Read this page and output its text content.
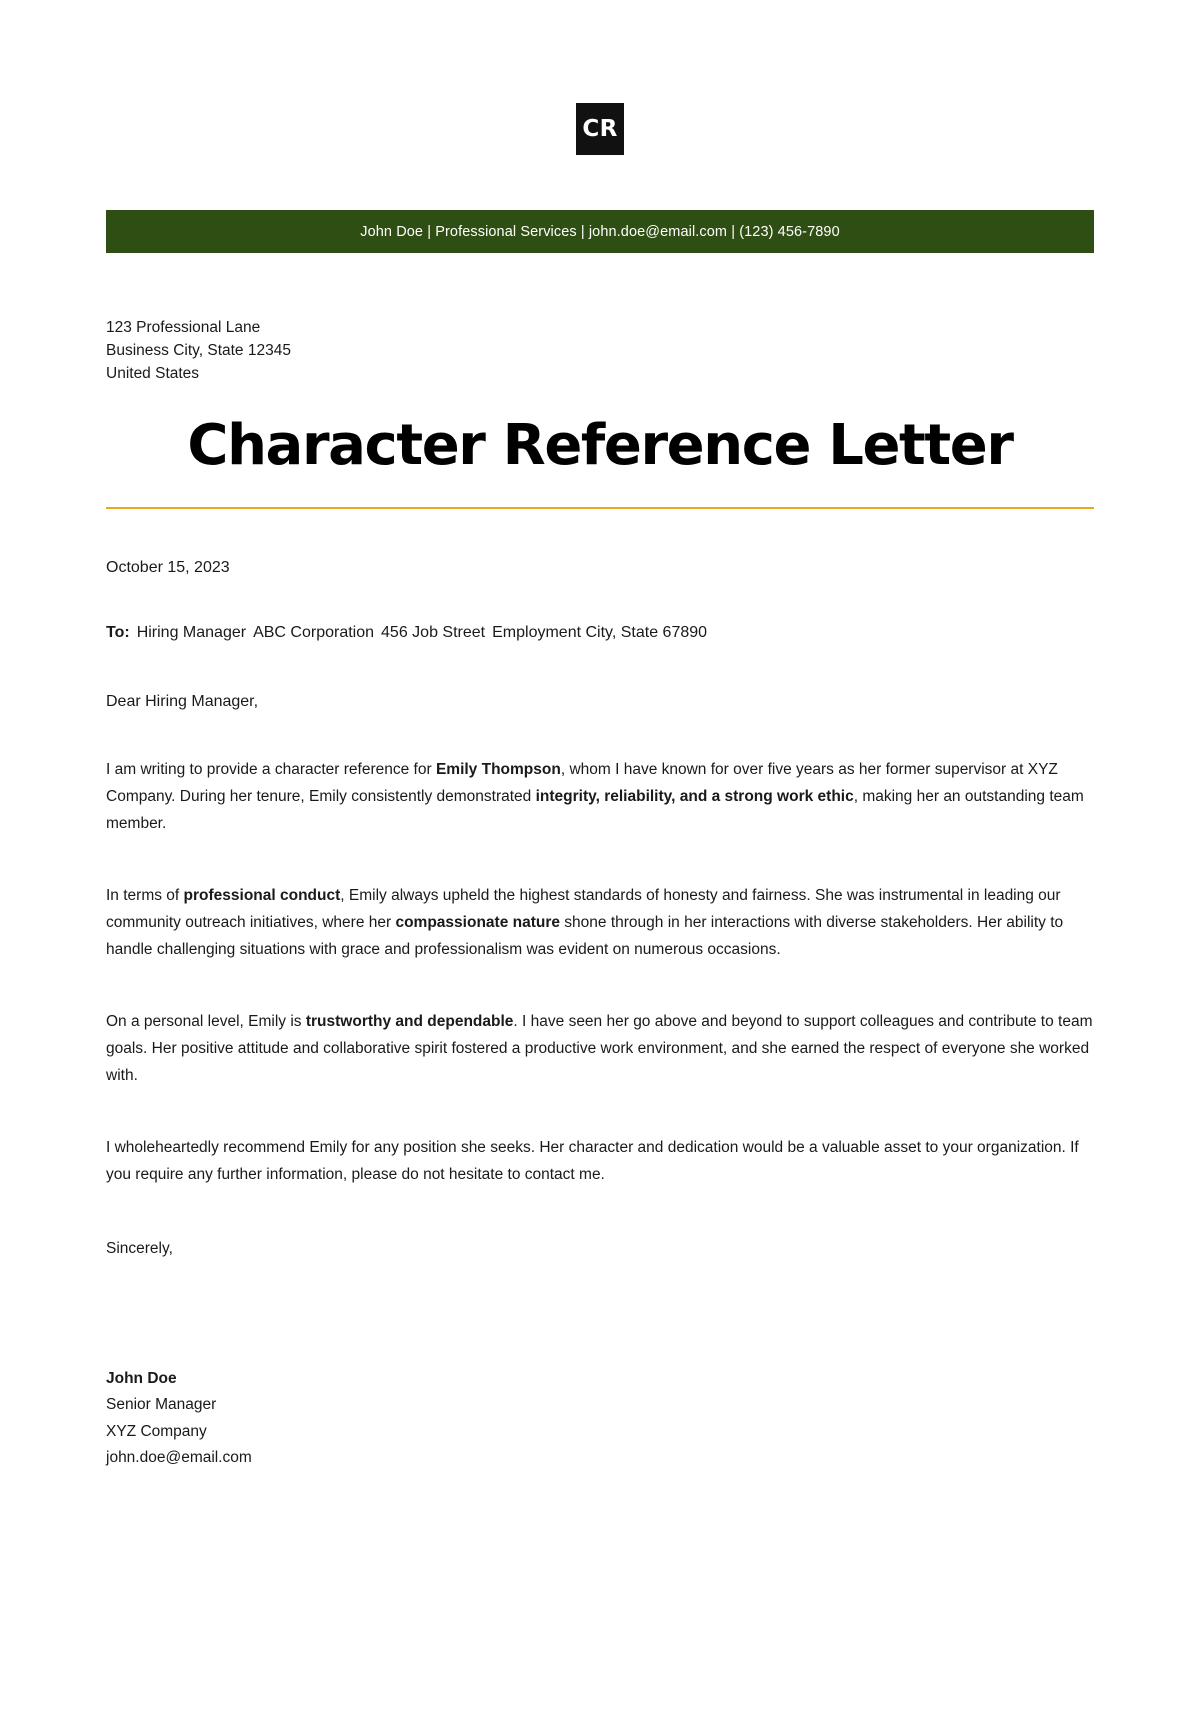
CR
John Doe | Professional Services | john.doe@email.com | (123) 456-7890
123 Professional Lane
Business City, State 12345
United States
Character Reference Letter
October 15, 2023
To: Hiring Manager ABC Corporation 456 Job Street Employment City, State 67890
Dear Hiring Manager,
I am writing to provide a character reference for Emily Thompson, whom I have known for over five years as her former supervisor at XYZ Company. During her tenure, Emily consistently demonstrated integrity, reliability, and a strong work ethic, making her an outstanding team member.
In terms of professional conduct, Emily always upheld the highest standards of honesty and fairness. She was instrumental in leading our community outreach initiatives, where her compassionate nature shone through in her interactions with diverse stakeholders. Her ability to handle challenging situations with grace and professionalism was evident on numerous occasions.
On a personal level, Emily is trustworthy and dependable. I have seen her go above and beyond to support colleagues and contribute to team goals. Her positive attitude and collaborative spirit fostered a productive work environment, and she earned the respect of everyone she worked with.
I wholeheartedly recommend Emily for any position she seeks. Her character and dedication would be a valuable asset to your organization. If you require any further information, please do not hesitate to contact me.
Sincerely,
John Doe
Senior Manager
XYZ Company
john.doe@email.com
